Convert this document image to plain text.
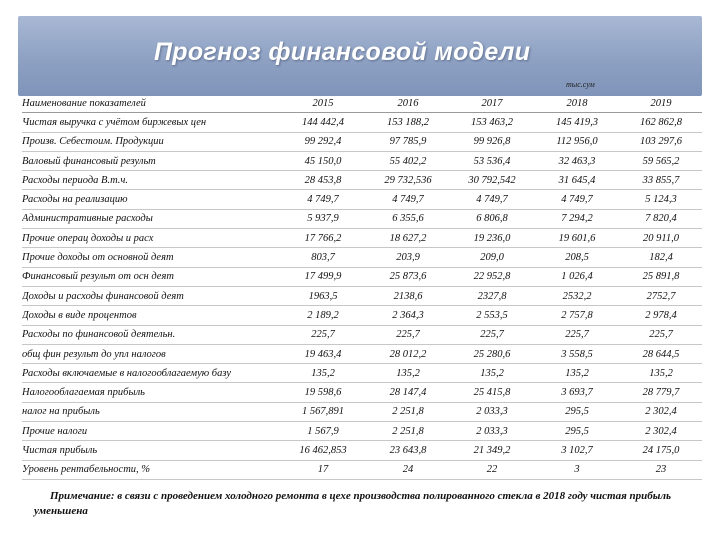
Прогноз финансовой модели
тыс.сум
Наименование показателей	2015	2016	2017	2018	2019
Чистая выручка с учётом биржевых цен	144 442,4	153 188,2	153 463,2	145 419,3	162 862,8
Произв. Себестоим. Продукции	99 292,4	97 785,9	99 926,8	112 956,0	103 297,6
Валовый финансовый результ	45 150,0	55 402,2	53 536,4	32 463,3	59 565,2
Расходы периода В.т.ч.	28 453,8	29 732,536	30 792,542	31 645,4	33 855,7
Расходы на реализацию	4 749,7	4 749,7	4 749,7	4 749,7	5 124,3
Административные расходы	5 937,9	6 355,6	6 806,8	7 294,2	7 820,4
Прочие операц доходы и расх	17 766,2	18 627,2	19 236,0	19 601,6	20 911,0
Прочие доходы от основной деят	803,7	203,9	209,0	208,5	182,4
Финансовый результ от осн деят	17 499,9	25 873,6	22 952,8	1 026,4	25 891,8
Доходы и расходы финансовой деят	1963,5	2138,6	2327,8	2532,2	2752,7
Доходы в виде процентов	2 189,2	2 364,3	2 553,5	2 757,8	2 978,4
Расходы по финансовой деятельн.	225,7	225,7	225,7	225,7	225,7
общ фин результ до упл налогов	19 463,4	28 012,2	25 280,6	3 558,5	28 644,5
Расходы включаемые в налогооблагаемую базу	135,2	135,2	135,2	135,2	135,2
Налогооблагаемая прибыль	19 598,6	28 147,4	25 415,8	3 693,7	28 779,7
налог на прибыль	1 567,891	2 251,8	2 033,3	295,5	2 302,4
Прочие налоги	1 567,9	2 251,8	2 033,3	295,5	2 302,4
Чистая прибыль	16 462,853	23 643,8	21 349,2	3 102,7	24 175,0
Уровень рентабельности, %	17	24	22	3	23
Примечание: в связи с проведением холодного ремонта в цехе производства полированного стекла в 2018 году чистая прибыль уменьшена
